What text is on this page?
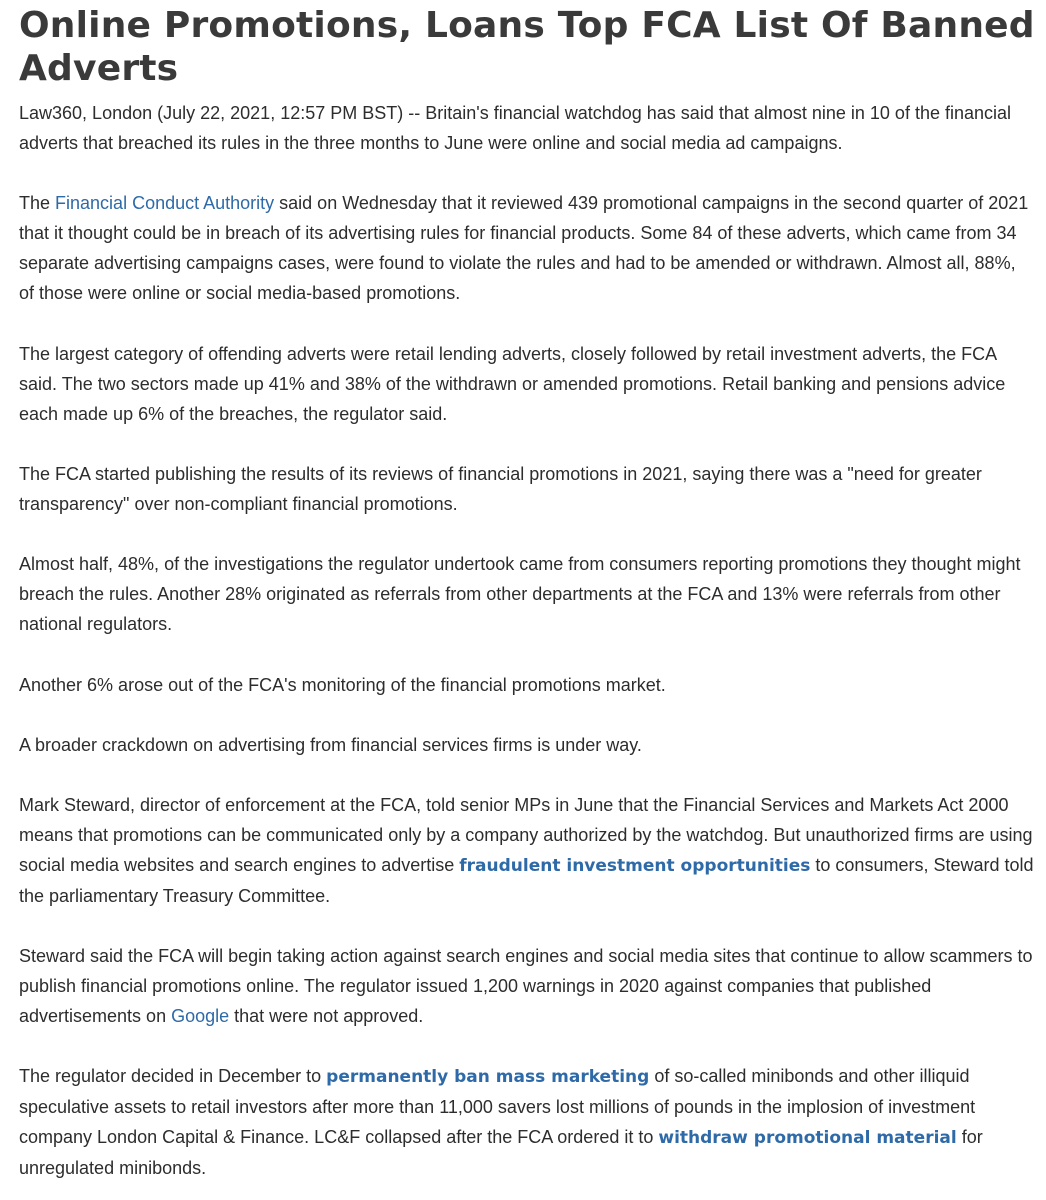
Online Promotions, Loans Top FCA List Of Banned Adverts

Law360, London (July 22, 2021, 12:57 PM BST) -- Britain's financial watchdog has said that almost nine in 10 of the financial adverts that breached its rules in the three months to June were online and social media ad campaigns.

The Financial Conduct Authority said on Wednesday that it reviewed 439 promotional campaigns in the second quarter of 2021 that it thought could be in breach of its advertising rules for financial products. Some 84 of these adverts, which came from 34 separate advertising campaigns cases, were found to violate the rules and had to be amended or withdrawn. Almost all, 88%, of those were online or social media-based promotions.

The largest category of offending adverts were retail lending adverts, closely followed by retail investment adverts, the FCA said. The two sectors made up 41% and 38% of the withdrawn or amended promotions. Retail banking and pensions advice each made up 6% of the breaches, the regulator said.

The FCA started publishing the results of its reviews of financial promotions in 2021, saying there was a "need for greater transparency" over non-compliant financial promotions.

Almost half, 48%, of the investigations the regulator undertook came from consumers reporting promotions they thought might breach the rules. Another 28% originated as referrals from other departments at the FCA and 13% were referrals from other national regulators.

Another 6% arose out of the FCA's monitoring of the financial promotions market.

A broader crackdown on advertising from financial services firms is under way.

Mark Steward, director of enforcement at the FCA, told senior MPs in June that the Financial Services and Markets Act 2000 means that promotions can be communicated only by a company authorized by the watchdog. But unauthorized firms are using social media websites and search engines to advertise fraudulent investment opportunities to consumers, Steward told the parliamentary Treasury Committee.

Steward said the FCA will begin taking action against search engines and social media sites that continue to allow scammers to publish financial promotions online. The regulator issued 1,200 warnings in 2020 against companies that published advertisements on Google that were not approved.

The regulator decided in December to permanently ban mass marketing of so-called minibonds and other illiquid speculative assets to retail investors after more than 11,000 savers lost millions of pounds in the implosion of investment company London Capital & Finance. LC&F collapsed after the FCA ordered it to withdraw promotional material for unregulated minibonds.
